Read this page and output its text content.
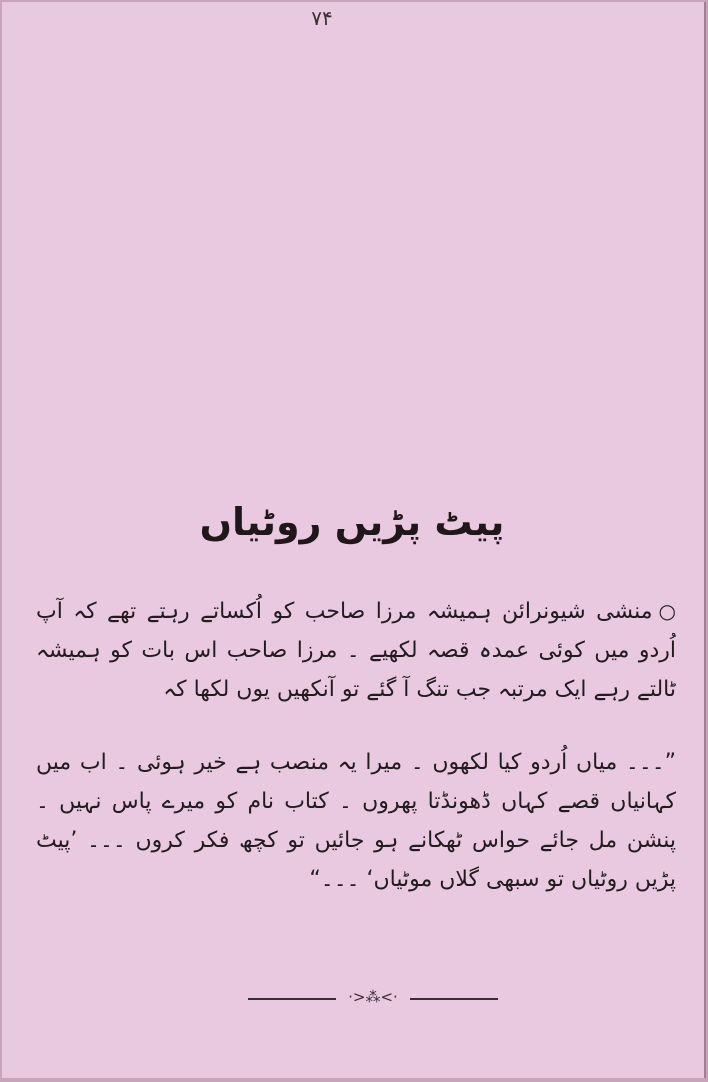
۷۴
پیٹ پڑیں روٹیاں

○منشی شیونرائن ہمیشہ مرزا صاحب کو اُکساتے رہتے تھے کہ آپ اُردو میں کوئی عمدہ قصہ لکھیے ۔ مرزا صاحب اس بات کو ہمیشہ ٹالتے رہے ایک مرتبہ جب تنگ آ گئے تو آنکھیں یوں لکھا کہ

”۔۔۔ میاں اُردو کیا لکھوں ۔ میرا یہ منصب ہے خیر ہوئی ۔ اب میں کہانیاں قصے کہاں ڈھونڈتا پھروں ۔ کتاب نام کو میرے پاس نہیں ۔ پنشن مل جائے حواس ٹھکانے ہو جائیں تو کچھ فکر کروں ۔۔۔ ’پیٹ پڑیں روٹیاں تو سبھی گلاں موٹیاں‘ ۔۔۔“

·>⁂<·
